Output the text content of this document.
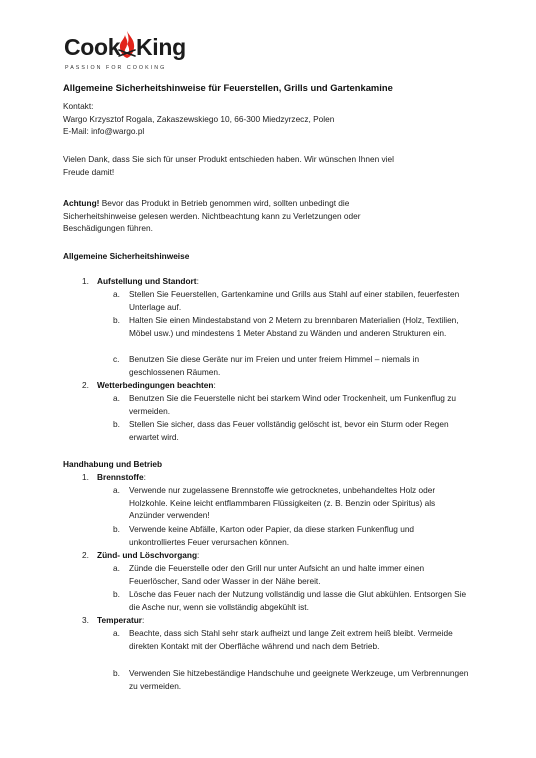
Cook King
PASSION FOR COOKING
Allgemeine Sicherheitshinweise für Feuerstellen, Grills und Gartenkamine
Kontakt:
Wargo Krzysztof Rogala, Zakaszewskiego 10, 66-300 Miedzyrzecz, Polen
E-Mail: info@wargo.pl

Vielen Dank, dass Sie sich für unser Produkt entschieden haben. Wir wünschen Ihnen viel
Freude damit!

Achtung! Bevor das Produkt in Betrieb genommen wird, sollten unbedingt die
Sicherheitshinweise gelesen werden. Nichtbeachtung kann zu Verletzungen oder
Beschädigungen führen.

Allgemeine Sicherheitshinweise
1. Aufstellung und Standort:
a. Stellen Sie Feuerstellen, Gartenkamine und Grills aus Stahl auf einer stabilen, feuerfesten Unterlage auf.

b. Halten Sie einen Mindestabstand von 2 Metern zu brennbaren Materialien (Holz, Textilien, Möbel usw.) und mindestens 1 Meter Abstand zu Wänden und anderen Strukturen ein.

c. Benutzen Sie diese Geräte nur im Freien und unter freiem Himmel – niemals in geschlossenen Räumen.

2. Wetterbedingungen beachten:
a. Benutzen Sie die Feuerstelle nicht bei starkem Wind oder Trockenheit, um Funkenflug zu vermeiden.

b. Stellen Sie sicher, dass das Feuer vollständig gelöscht ist, bevor ein Sturm oder Regen erwartet wird.

Handhabung und Betrieb
1. Brennstoffe:
a. Verwende nur zugelassene Brennstoffe wie getrocknetes, unbehandeltes Holz oder Holzkohle. Keine leicht entflammbaren Flüssigkeiten (z. B. Benzin oder Spiritus) als Anzünder verwenden!

b. Verwende keine Abfälle, Karton oder Papier, da diese starken Funkenflug und unkontrolliertes Feuer verursachen können.

2. Zünd- und Löschvorgang:
a. Zünde die Feuerstelle oder den Grill nur unter Aufsicht an und halte immer einen Feuerlöscher, Sand oder Wasser in der Nähe bereit.

b. Lösche das Feuer nach der Nutzung vollständig und lasse die Glut abkühlen. Entsorgen Sie die Asche nur, wenn sie vollständig abgekühlt ist.

3. Temperatur:
a. Beachte, dass sich Stahl sehr stark aufheizt und lange Zeit extrem heiß bleibt. Vermeide direkten Kontakt mit der Oberfläche während und nach dem Betrieb.

b. Verwenden Sie hitzebeständige Handschuhe und geeignete Werkzeuge, um Verbrennungen zu vermeiden.
